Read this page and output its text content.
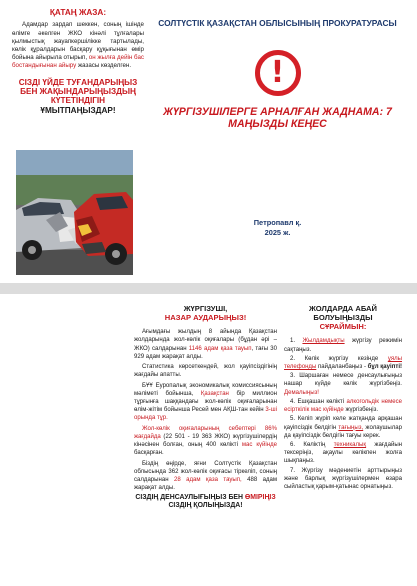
ҚАТАҢ ЖАЗА:

Адамдар зардап шеккен, соның ішінде өлімге әкелген ЖКО кінәлі тұлғалары қылмыстық жауапкершілікке тартылады, көлік құралдарын басқару құқығынан өмір бойына айырыла отырып, он жылға дейін бас бостандығынан айыру жазасы көзделген.

СІЗДІ ҮЙДЕ ТУҒАНДАРЫҢЫЗ БЕН ЖАҚЫНДАРЫҢЫЗДЫҢ КҮТЕТІНДІГІН
ҰМЫТПАҢЫЗДАР!
СОЛТҮСТІК ҚАЗАҚСТАН ОБЛЫСЫНЫҢ ПРОКУРАТУРАСЫ
!
ЖҮРГІЗУШІЛЕРГЕ АРНАЛҒАН ЖАДНАМА: 7 МАҢЫЗДЫ КЕҢЕС
Петропавл қ.
2025 ж.
ЖҮРГІЗУШІ,
НАЗАР АУДАРЫҢЫЗ!

Ағымдағы жылдың 8 айында Қазақстан жолдарында жол-көлік оқиғалары (бұдан әрі – ЖКО) салдарынан 1146 адам қаза тауып, тағы 30 929 адам жарақат алды.

Статистика көрсеткендей, жол қауіпсіздігінің жағдайы апатты.

БҰҰ Еуропалық экономикалық комиссиясының мәліметі бойынша, Қазақстан бір миллион тұрғынға шаққандағы жол-көлік оқиғаларынан өлім-жітім бойынша Ресей мен АҚШ-тан кейін 3-ші орында тұр.

Жол-көлік оқиғаларының себептері 86% жағдайда (22 501 - 19 363 ЖКО) жүргізушілердің кінәсінен болған, оның 400 көлікті мас күйінде басқарған.

Біздің өңірде, яғни Солтүстік Қазақстан облысында 362 жол-көлік оқиғасы тіркеліп, соның салдарынан 28 адам қаза тауып, 488 адам жарақат алды.

СІЗДІҢ ДЕНСАУЛЫҒЫҢЫЗ БЕН ӨМІРІҢІЗ СІЗДІҢ ҚОЛЫҢЫЗДА!
ЖОЛДАРДА АБАЙ БОЛУЫҢЫЗДЫ
СҰРАЙМЫН:

1. Жылдамдықты жүргізу режимін сақтаңыз.

2. Көлік жүргізу кезінде ұялы телефонды пайдаланбаңыз - бұл қауіпті!

3. Шаршаған немесе денсаулығыңыз нашар күйде көлік жүргізбеңіз. Демалыңыз!

4. Ешқашан көлікті алкогольдік немесе есірткілік мас күйінде жүргізбеңіз.

5. Келіп жүріп келе жатқанда арқашан қауіпсіздік белдігін тағыңыз, жолаушылар да қауіпсіздік белдігін тағуы керек.

6. Көліктің техникалық жағдайын тексеріңіз, ақаулы көлікпен жолға шықпаңыз.

7. Жүргізу мәдениетін арттырыңыз және барлық жүргізушілермен өзара сыйластық қарым-қатынас орнатыңыз.
